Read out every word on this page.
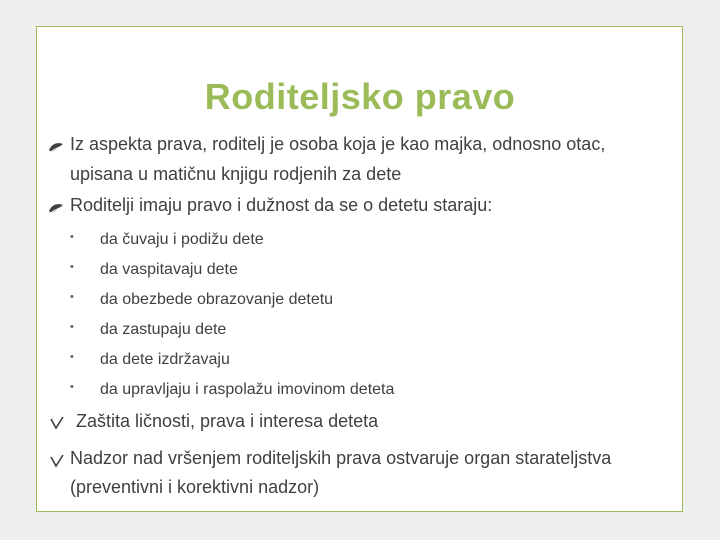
Roditeljsko pravo
Iz aspekta prava, roditelj je osoba koja je kao majka, odnosno otac,
upisana u matičnu knjigu rodjenih za dete
Roditelji imaju pravo i dužnost da se o detetu staraju:
• da čuvaju i podižu dete
• da vaspitavaju dete
• da obezbede obrazovanje detetu
• da zastupaju dete
• da dete izdržavaju
• da upravljaju i raspolažu imovinom deteta
Zaštita ličnosti, prava i interesa deteta
Nadzor nad vršenjem roditeljskih prava ostvaruje organ starateljstva
(preventivni i korektivni nadzor)
